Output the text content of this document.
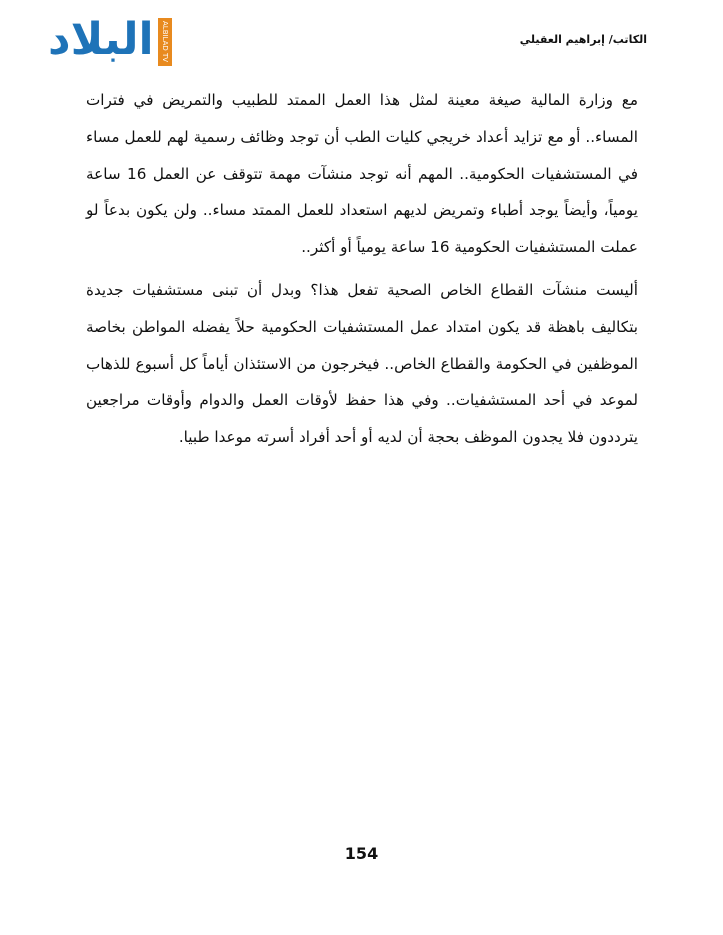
البلاد	ALBILAD TV	الكاتب/ إبراهيم العقيلي

مع وزارة المالية صيغة معينة لمثل هذا العمل الممتد للطبيب والتمريض في فترات المساء.. أو مع تزايد أعداد خريجي كليات الطب أن توجد وظائف رسمية لهم للعمل مساء في المستشفيات الحكومية.. المهم أنه توجد منشآت مهمة تتوقف عن العمل 16 ساعة يومياً، وأيضاً يوجد أطباء وتمريض لديهم استعداد للعمل الممتد مساء.. ولن يكون بدعاً لو عملت المستشفيات الحكومية 16 ساعة يومياً أو أكثر..

أليست منشآت القطاع الخاص الصحية تفعل هذا؟ وبدل أن تبنى مستشفيات جديدة بتكاليف باهظة قد يكون امتداد عمل المستشفيات الحكومية حلاً يفضله المواطن بخاصة الموظفين في الحكومة والقطاع الخاص.. فيخرجون من الاستئذان أياماً كل أسبوع للذهاب لموعد في أحد المستشفيات.. وفي هذا حفظ لأوقات العمل والدوام وأوقات مراجعين يترددون فلا يجدون الموظف بحجة أن لديه أو أحد أفراد أسرته موعدا طبيا.

154
